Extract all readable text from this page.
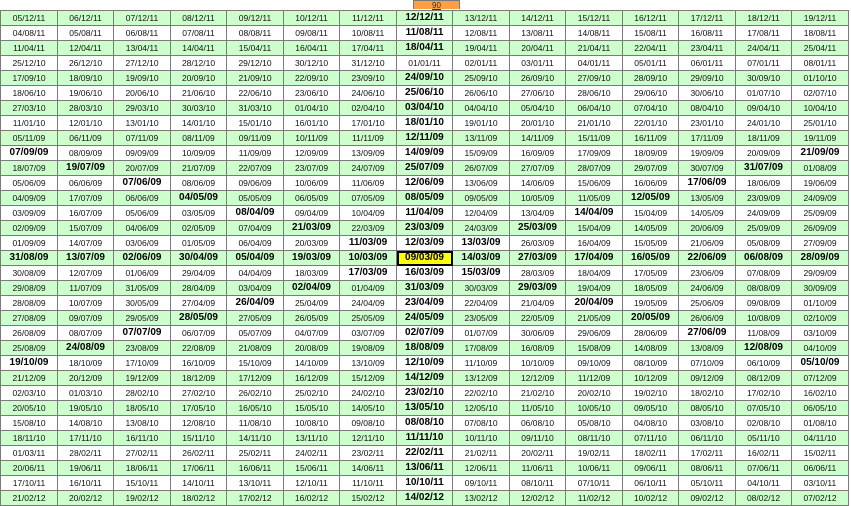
90
05/12/11	06/12/11	07/12/11	08/12/11	09/12/11	10/12/11	11/12/11	12/12/11	13/12/11	14/12/11	15/12/11	16/12/11	17/12/11	18/12/11	19/12/11
04/08/11	05/08/11	06/08/11	07/08/11	08/08/11	09/08/11	10/08/11	11/08/11	12/08/11	13/08/11	14/08/11	15/08/11	16/08/11	17/08/11	18/08/11
11/04/11	12/04/11	13/04/11	14/04/11	15/04/11	16/04/11	17/04/11	18/04/11	19/04/11	20/04/11	21/04/11	22/04/11	23/04/11	24/04/11	25/04/11
25/12/10	26/12/10	27/12/10	28/12/10	29/12/10	30/12/10	31/12/10	01/01/11	02/01/11	03/01/11	04/01/11	05/01/11	06/01/11	07/01/11	08/01/11
17/09/10	18/09/10	19/09/10	20/09/10	21/09/10	22/09/10	23/09/10	24/09/10	25/09/10	26/09/10	27/09/10	28/09/10	29/09/10	30/09/10	01/10/10
18/06/10	19/06/10	20/06/10	21/06/10	22/06/10	23/06/10	24/06/10	25/06/10	26/06/10	27/06/10	28/06/10	29/06/10	30/06/10	01/07/10	02/07/10
27/03/10	28/03/10	29/03/10	30/03/10	31/03/10	01/04/10	02/04/10	03/04/10	04/04/10	05/04/10	06/04/10	07/04/10	08/04/10	09/04/10	10/04/10
11/01/10	12/01/10	13/01/10	14/01/10	15/01/10	16/01/10	17/01/10	18/01/10	19/01/10	20/01/10	21/01/10	22/01/10	23/01/10	24/01/10	25/01/10
05/11/09	06/11/09	07/11/09	08/11/09	09/11/09	10/11/09	11/11/09	12/11/09	13/11/09	14/11/09	15/11/09	16/11/09	17/11/09	18/11/09	19/11/09
07/09/09	08/09/09	09/09/09	10/09/09	11/09/09	12/09/09	13/09/09	14/09/09	15/09/09	16/09/09	17/09/09	18/09/09	19/09/09	20/09/09	21/09/09
18/07/09	19/07/09	20/07/09	21/07/09	22/07/09	23/07/09	24/07/09	25/07/09	26/07/09	27/07/09	28/07/09	29/07/09	30/07/09	31/07/09	01/08/09
05/06/09	06/06/09	07/06/09	08/06/09	09/06/09	10/06/09	11/06/09	12/06/09	13/06/09	14/06/09	15/06/09	16/06/09	17/06/09	18/06/09	19/06/09
04/09/09	17/07/09	06/06/09	04/05/09	05/05/09	06/05/09	07/05/09	08/05/09	09/05/09	10/05/09	11/05/09	12/05/09	13/05/09	23/09/09	24/09/09
03/09/09	16/07/09	05/06/09	03/05/09	08/04/09	09/04/09	10/04/09	11/04/09	12/04/09	13/04/09	14/04/09	15/04/09	14/05/09	24/09/09	25/09/09
02/09/09	15/07/09	04/06/09	02/05/09	07/04/09	21/03/09	22/03/09	23/03/09	24/03/09	25/03/09	15/04/09	14/05/09	20/06/09	25/09/09	26/09/09
01/09/09	14/07/09	03/06/09	01/05/09	06/04/09	20/03/09	11/03/09	12/03/09	13/03/09	26/03/09	16/04/09	15/05/09	21/06/09	05/08/09	27/09/09
31/08/09	13/07/09	02/06/09	30/04/09	05/04/09	19/03/09	10/03/09	09/03/09	14/03/09	27/03/09	17/04/09	16/05/09	22/06/09	06/08/09	28/09/09
30/08/09	12/07/09	01/06/09	29/04/09	04/04/09	18/03/09	17/03/09	16/03/09	15/03/09	28/03/09	18/04/09	17/05/09	23/06/09	07/08/09	29/09/09
29/08/09	11/07/09	31/05/09	28/04/09	03/04/09	02/04/09	01/04/09	31/03/09	30/03/09	29/03/09	19/04/09	18/05/09	24/06/09	08/08/09	30/09/09
28/08/09	10/07/09	30/05/09	27/04/09	26/04/09	25/04/09	24/04/09	23/04/09	22/04/09	21/04/09	20/04/09	19/05/09	25/06/09	09/08/09	01/10/09
27/08/09	09/07/09	29/05/09	28/05/09	27/05/09	26/05/09	25/05/09	24/05/09	23/05/09	22/05/09	21/05/09	20/05/09	26/06/09	10/08/09	02/10/09
26/08/09	08/07/09	07/07/09	06/07/09	05/07/09	04/07/09	03/07/09	02/07/09	01/07/09	30/06/09	29/06/09	28/06/09	27/06/09	11/08/09	03/10/09
25/08/09	24/08/09	23/08/09	22/08/09	21/08/09	20/08/09	19/08/09	18/08/09	17/08/09	16/08/09	15/08/09	14/08/09	13/08/09	12/08/09	04/10/09
19/10/09	18/10/09	17/10/09	16/10/09	15/10/09	14/10/09	13/10/09	12/10/09	11/10/09	10/10/09	09/10/09	08/10/09	07/10/09	06/10/09	05/10/09
21/12/09	20/12/09	19/12/09	18/12/09	17/12/09	16/12/09	15/12/09	14/12/09	13/12/09	12/12/09	11/12/09	10/12/09	09/12/09	08/12/09	07/12/09
02/03/10	01/03/10	28/02/10	27/02/10	26/02/10	25/02/10	24/02/10	23/02/10	22/02/10	21/02/10	20/02/10	19/02/10	18/02/10	17/02/10	16/02/10
20/05/10	19/05/10	18/05/10	17/05/10	16/05/10	15/05/10	14/05/10	13/05/10	12/05/10	11/05/10	10/05/10	09/05/10	08/05/10	07/05/10	06/05/10
15/08/10	14/08/10	13/08/10	12/08/10	11/08/10	10/08/10	09/08/10	08/08/10	07/08/10	06/08/10	05/08/10	04/08/10	03/08/10	02/08/10	01/08/10
18/11/10	17/11/10	16/11/10	15/11/10	14/11/10	13/11/10	12/11/10	11/11/10	10/11/10	09/11/10	08/11/10	07/11/10	06/11/10	05/11/10	04/11/10
01/03/11	28/02/11	27/02/11	26/02/11	25/02/11	24/02/11	23/02/11	22/02/11	21/02/11	20/02/11	19/02/11	18/02/11	17/02/11	16/02/11	15/02/11
20/06/11	19/06/11	18/06/11	17/06/11	16/06/11	15/06/11	14/06/11	13/06/11	12/06/11	11/06/11	10/06/11	09/06/11	08/06/11	07/06/11	06/06/11
17/10/11	16/10/11	15/10/11	14/10/11	13/10/11	12/10/11	11/10/11	10/10/11	09/10/11	08/10/11	07/10/11	06/10/11	05/10/11	04/10/11	03/10/11
21/02/12	20/02/12	19/02/12	18/02/12	17/02/12	16/02/12	15/02/12	14/02/12	13/02/12	12/02/12	11/02/12	10/02/12	09/02/12	08/02/12	07/02/12
